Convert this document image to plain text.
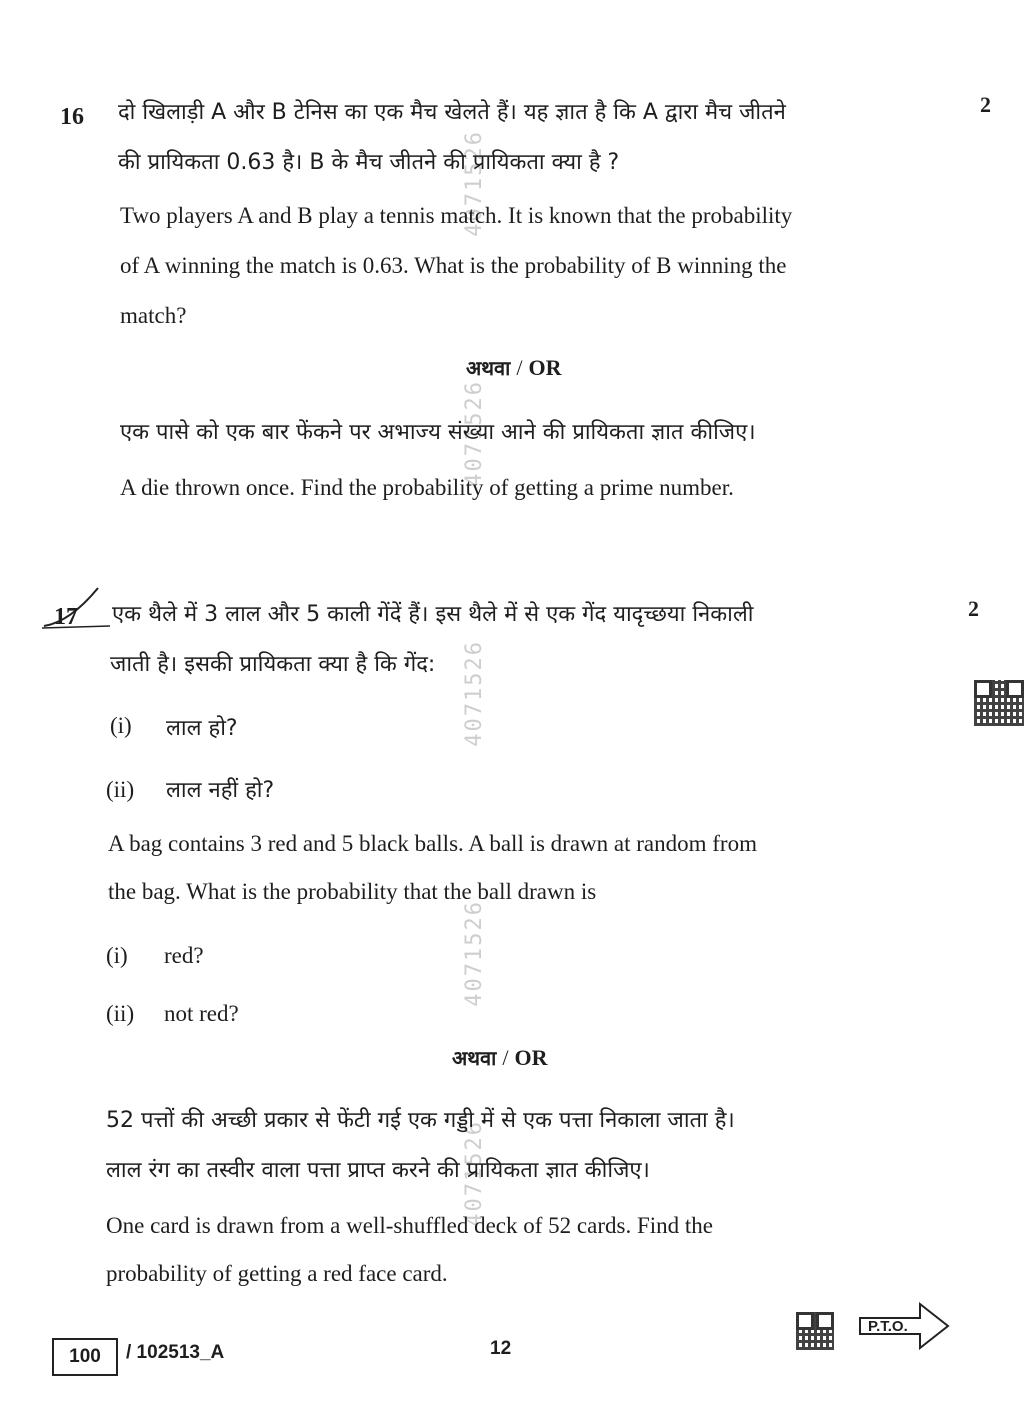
4071526
4071526
4071526
4071526
4071526
16	2
दो खिलाड़ी A और B टेनिस का एक मैच खेलते हैं। यह ज्ञात है कि A द्वारा मैच जीतने
की प्रायिकता 0.63 है। B के मैच जीतने की प्रायिकता क्या है ?
Two players A and B play a tennis match. It is known that the probability
of A winning the match is 0.63. What is the probability of B winning the
match?
अथवा / OR
एक पासे को एक बार फेंकने पर अभाज्य संख्या आने की प्रायिकता ज्ञात कीजिए।
A die thrown once. Find the probability of getting a prime number.
17	2
एक थैले में 3 लाल और 5 काली गेंदें हैं। इस थैले में से एक गेंद यादृच्छया निकाली
जाती है। इसकी प्रायिकता क्या है कि गेंद:
(i) लाल हो?
(ii) लाल नहीं हो?
A bag contains 3 red and 5 black balls. A ball is drawn at random from
the bag. What is the probability that the ball drawn is
(i) red?
(ii) not red?
अथवा / OR
52 पत्तों की अच्छी प्रकार से फेंटी गई एक गड्डी में से एक पत्ता निकाला जाता है।
लाल रंग का तस्वीर वाला पत्ता प्राप्त करने की प्रायिकता ज्ञात कीजिए।
One card is drawn from a well-shuffled deck of 52 cards. Find the
probability of getting a red face card.
100 / 102513_A	12
P.T.O.
